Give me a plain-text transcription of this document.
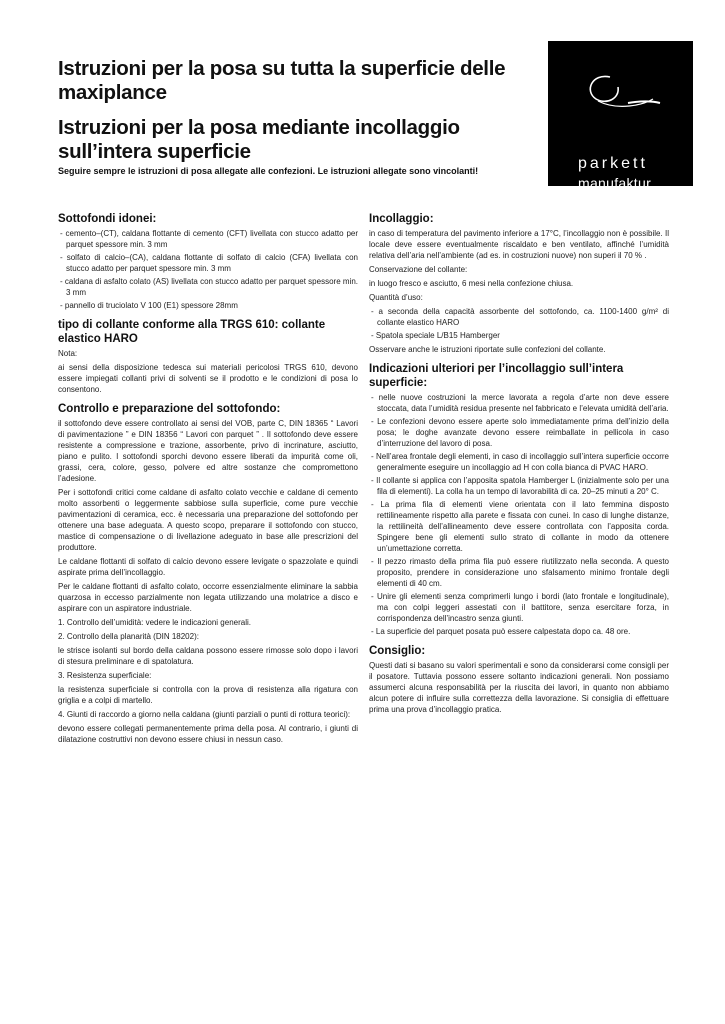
Istruzioni per la posa su tutta la superficie delle maxiplance
Istruzioni per la posa mediante incollaggio sull’intera superficie

Seguire sempre le istruzioni di posa allegate alle confezioni. Le istruzioni allegate sono vincolanti!	parkett
manufaktur
by HARO
Sottofondi idonei:
- cemento–(CT), caldana flottante di cemento (CFT) livellata con stucco adatto per parquet spessore min. 3 mm
- solfato di calcio–(CA), caldana flottante di solfato di calcio (CFA) livellata con stucco adatto per parquet spessore min. 3 mm
- caldana di asfalto colato (AS) livellata con stucco adatto per parquet spessore min. 3 mm
- pannello di truciolato V 100 (E1) spessore 28mm
tipo di collante conforme alla TRGS 610: collante elastico HARO

Nota:

ai sensi della disposizione tedesca sui materiali pericolosi TRGS 610, devono essere impiegati collanti privi di solventi se il prodotto e le condizioni di posa lo consentono.

Controllo e preparazione del sottofondo:

il sottofondo deve essere controllato ai sensi del VOB, parte C, DIN 18365 “ Lavori di pavimentazione ” e DIN 18356 “ Lavori con parquet ” . Il sottofondo deve essere resistente a compressione e trazione, assorbente, privo di incrinature, asciutto, piano e pulito. I sottofondi sporchi devono essere liberati da impurità come oli, grassi, cera, colore, gesso, polvere ed altre sostanze che compromettono l’adesione.

Per i sottofondi critici come caldane di asfalto colato vecchie e caldane di cemento molto assorbenti o leggermente sabbiose sulla superficie, come pure vecchie pavimentazioni di ceramica, ecc. è necessaria una preparazione del sottofondo per ottenere una base adeguata. A questo scopo, preparare il sottofondo con stucco, mastice di compensazione o di livellazione adeguato in base alle prescrizioni del produttore.

Le caldane flottanti di solfato di calcio devono essere levigate o spazzolate e quindi aspirate prima dell’incollaggio.

Per le caldane flottanti di asfalto colato, occorre essenzialmente eliminare la sabbia quarzosa in eccesso parzialmente non legata utilizzando una molatrice a disco e aspirare con un aspiratore industriale.

1. Controllo dell’umidità: vedere le indicazioni generali.

2. Controllo della planarità (DIN 18202):

le strisce isolanti sul bordo della caldana possono essere rimosse solo dopo i lavori di stesura preliminare e di spatolatura.

3. Resistenza superficiale:

la resistenza superficiale si controlla con la prova di resistenza alla rigatura con griglia e a colpi di martello.

4. Giunti di raccordo a giorno nella caldana (giunti parziali o punti di rottura teorici):

devono essere collegati permanentemente prima della posa. Al contrario, i giunti di dilatazione costruttivi non devono essere chiusi in nessun caso.

Incollaggio:

in caso di temperatura del pavimento inferiore a 17°C, l’incollaggio non è possibile. Il locale deve essere eventualmente riscaldato e ben ventilato, affinché l’umidità relativa dell’aria nell’ambiente (ad es. in costruzioni nuove) non superi il 70 % .

Conservazione del collante:

in luogo fresco e asciutto, 6 mesi nella confezione chiusa.

Quantità d’uso:

- a seconda della capacità assorbente del sottofondo, ca. 1100-1400 g/m² di collante elastico HARO
- Spatola speciale L/B15 Hamberger

Osservare anche le istruzioni riportate sulle confezioni del collante.

Indicazioni ulteriori per l’incollaggio sull’intera superficie:
- nelle nuove costruzioni la merce lavorata a regola d’arte non deve essere stoccata, data l’umidità residua presente nel fabbricato e l’elevata umidità dell’aria.
- Le confezioni devono essere aperte solo immediatamente prima dell’inizio della posa; le doghe avanzate devono essere reimballate in pellicola in caso d’interruzione del lavoro di posa.
- Nell’area frontale degli elementi, in caso di incollaggio sull’intera superficie occorre generalmente eseguire un incollaggio ad H con colla bianca di PVAC HARO.
- Il collante si applica con l’apposita spatola Hamberger L (inizialmente solo per una fila di elementi). La colla ha un tempo di lavorabilità di ca. 20–25 minuti a 20° C.
- La prima fila di elementi viene orientata con il lato femmina disposto rettilineamente rispetto alla parete e fissata con cunei. In caso di lunghe distanze, la rettilineità dell’allineamento deve essere controllata con l’apposita corda. Spingere bene gli elementi sullo strato di collante in modo da ottenere un’umettazione corretta.
- Il pezzo rimasto della prima fila può essere riutilizzato nella seconda. A questo proposito, prendere in considerazione uno sfalsamento minimo frontale degli elementi di 40 cm.
- Unire gli elementi senza comprimerli lungo i bordi (lato frontale e longitudinale), ma con colpi leggeri assestati con il battitore, senza esercitare forza, in corrispondenza dell’incastro senza giunti.
- La superficie del parquet posata può essere calpestata dopo ca. 48 ore.
Consiglio:

Questi dati si basano su valori sperimentali e sono da considerarsi come consigli per il posatore. Tuttavia possono essere soltanto indicazioni generali. Non possiamo assumerci alcuna responsabilità per la riuscita dei lavori, in quanto non abbiamo alcun potere di influire sulla correttezza della lavorazione. Si consiglia di effettuare prima una prova d’incollaggio pratica.
